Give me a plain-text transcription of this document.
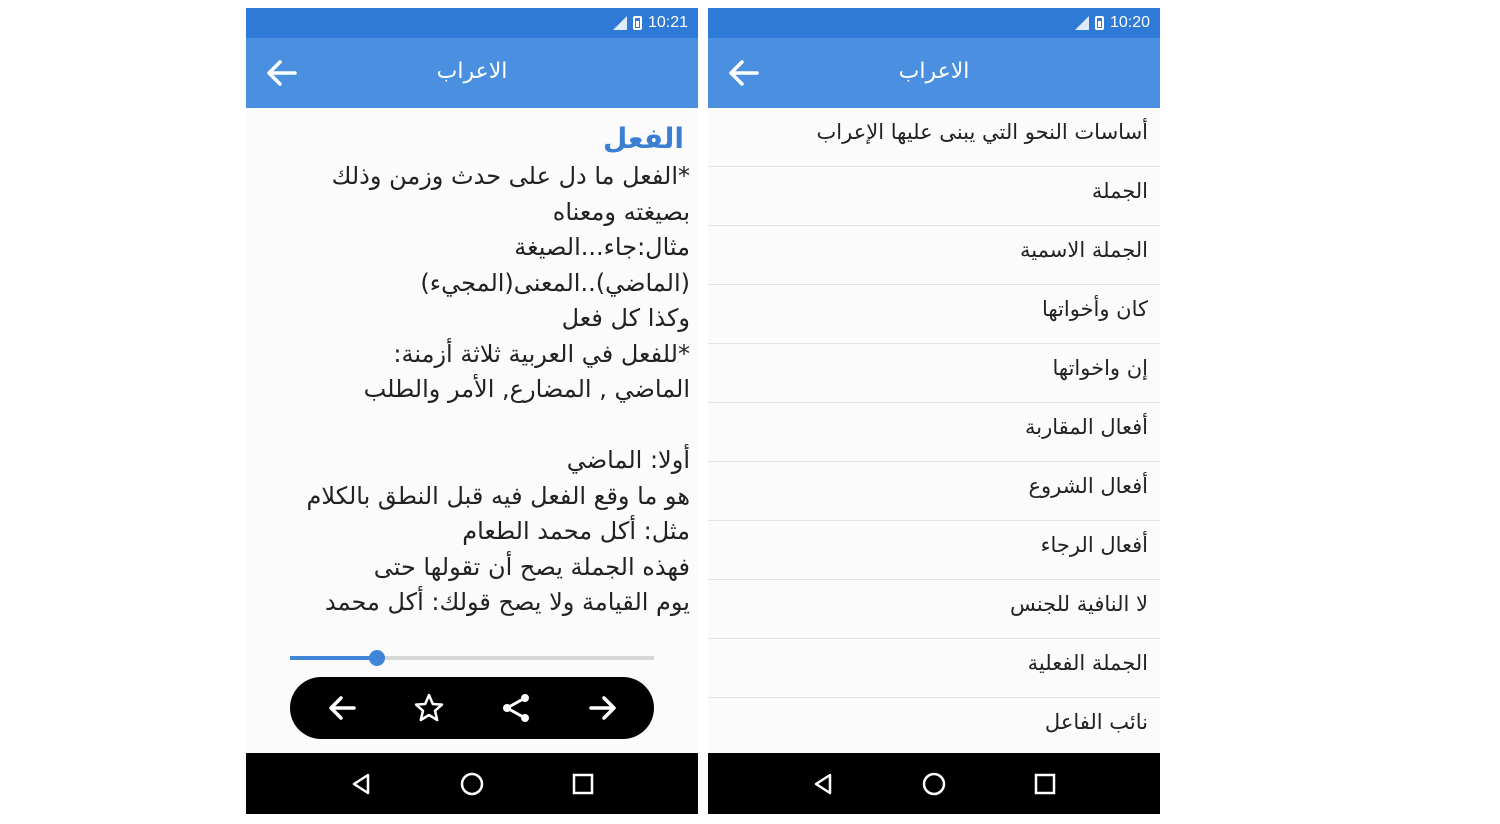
10:21
الاعراب
الفعل
*الفعل ما دل على حدث وزمن وذلك
بصيغته ومعناه
مثال:جاء...الصيغة
(الماضي)..المعنى(المجيء)
وكذا كل فعل
*للفعل في العربية ثلاثة أزمنة:
الماضي , المضارع, الأمر والطلب

أولا: الماضي
هو ما وقع الفعل فيه قبل النطق بالكلام
مثل: أكل محمد الطعام
فهذه الجملة يصح أن تقولها حتى
يوم القيامة ولا يصح قولك: أكل محمد
10:20
الاعراب
أساسات النحو التي يبنى عليها الإعراب
الجملة
الجملة الاسمية
كان وأخواتها
إن واخواتها
أفعال المقاربة
أفعال الشروع
أفعال الرجاء
لا النافية للجنس
الجملة الفعلية
نائب الفاعل
